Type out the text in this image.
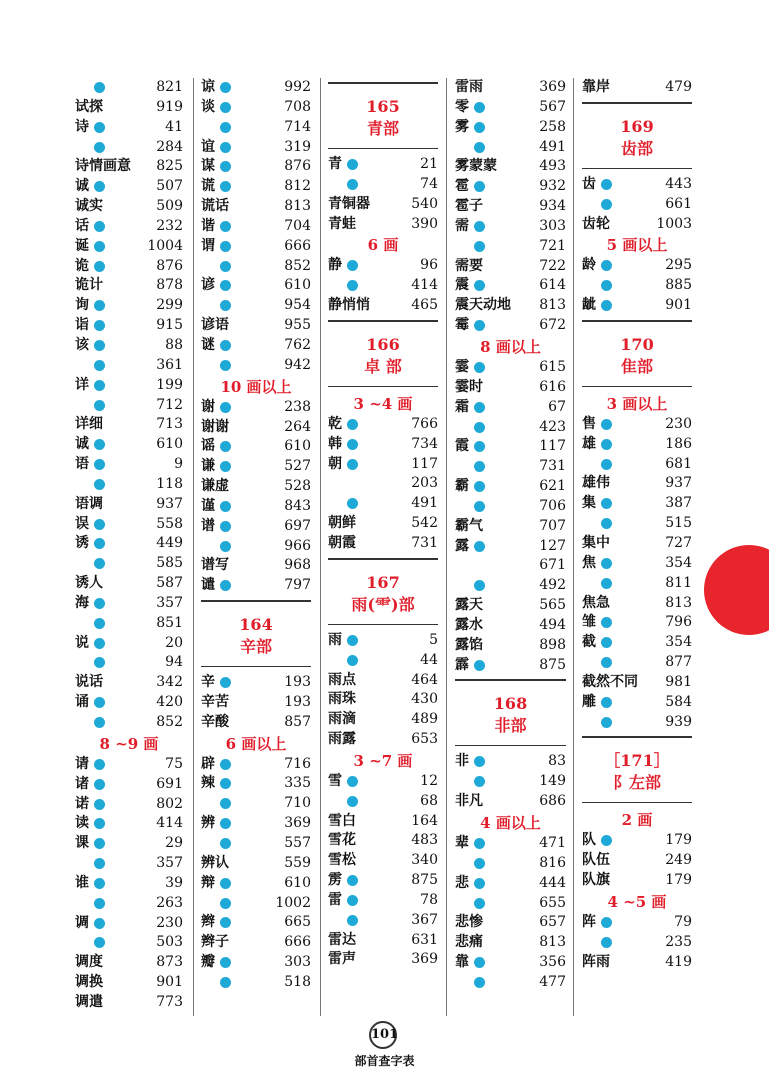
821
试探	919
诗	41
284
诗情画意 825
诚	507
诚实	509
话	232
诞	1004
诡	876
诡计	878
询	299
诣	915
该	88
361
详	199
712
详细	713
诚	610
语	9
118
语调	937
误	558
诱	449
585
诱人	587
海	357
851
说	20
94
说话	342
诵	420
852
8 ~9 画
请	75
诸	691
诺	802
读	414
课	29
357
谁	39
263
调	230
503
调度	873
调换	901
调遣	773
谅	992
谈	708
714
谊	319
谋	876
谎	812
谎话	813
谐	704
谓	666
852
谚	610
954
谚语	955
谜	762
942
10 画以上
谢	238
谢谢	264
谣	610
谦	527
谦虚	528
谨	843
谱	697
966
谱写	968
谴	797
164
辛部
辛	193
辛苦	193
辛酸	857
6 画以上
辟	716
辣	335
710
辨	369
557
辨认	559
辩	610
1002
辫	665
辫子	666
瓣	303
518
165
青部
青	21
74
青铜器	540
青蛙	390
6 画
静	96
414
静悄悄	465
166
卓 部
3 ~4 画
乾	766
韩	734
朝	117
203
491
朝鲜	542
朝霞	731
167
雨(⻗)部
雨	5
44
雨点	464
雨珠	430
雨滴	489
雨露	653
3 ~7 画
雪	12
68
雪白	164
雪花	483
雪松	340
雳	875
雷	78
367
雷达	631
雷声	369
雷雨	369
零	567
雾	258
491
雾蒙蒙	493
雹	932
雹子	934
需	303
721
需要	722
震	614
震天动地 813
霉	672
8 画以上
霎	615
霎时	616
霜	67
423
霞	117
731
霸	621
706
霸气	707
露	127
671
492
露天	565
露水	494
露馅	898
霹	875
168
非部
非	83
149
非凡	686
4 画以上
辈	471
816
悲	444
655
悲惨	657
悲痛	813
靠	356
477
靠岸	479
169
齿部
齿	443
661
齿轮	1003
5 画以上
龄	295
885
龇	901
170
隹部
3 画以上
售	230
雄	186
681
雄伟	937
集	387
515
集中	727
焦	354
811
焦急	813
雏	796
截	354
877
截然不同 981
雕	584
939
［171］
阝左部
2 画
队	179
队伍	249
队旗	179
4 ~5 画
阵	79
235
阵雨	419
101
部首查字表
